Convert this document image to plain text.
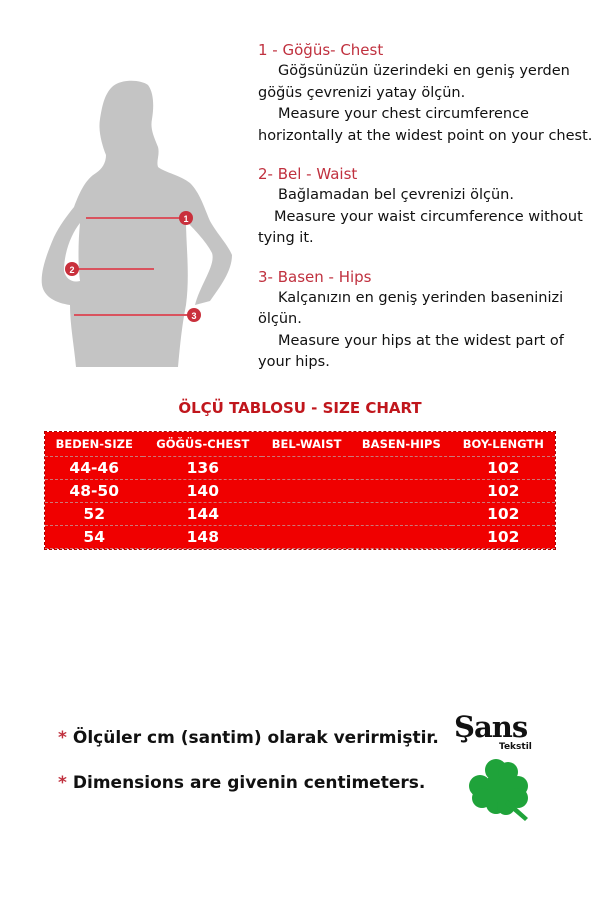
1
2
3
1 - Göğüs- Chest
Göğsünüzün üzerindeki en geniş yerden
göğüs çevrenizi yatay ölçün.
Measure your chest circumference
horizontally at the widest point on your chest.
2- Bel - Waist
Bağlamadan bel çevrenizi ölçün.
Measure your waist circumference without
tying it.
3- Basen - Hips
Kalçanızın en geniş yerinden baseninizi
ölçün.
Measure your hips at the widest part of
your hips.
ÖLÇÜ TABLOSU - SIZE CHART
BEDEN-SIZE	GÖĞÜS-CHEST	BEL-WAIST	BASEN-HIPS	BOY-LENGTH
44-46	136			102
48-50	140			102
52	144			102
54	148			102
* Ölçüler cm (santim) olarak verirmiştir.
* Dimensions are givenin centimeters.
Şans
Tekstil
